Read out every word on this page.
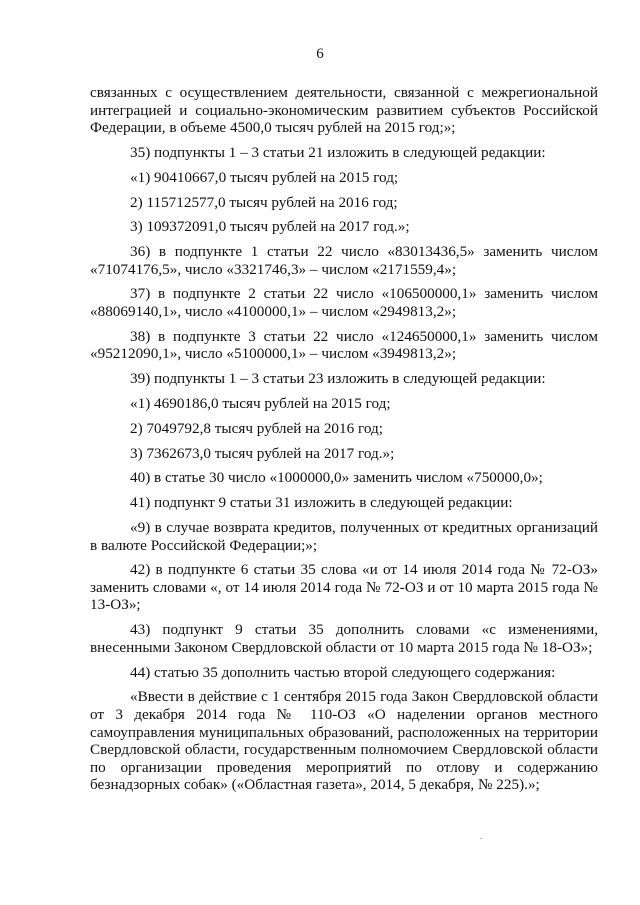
6

связанных с осуществлением деятельности, связанной с межрегиональной интеграцией и социально-экономическим развитием субъектов Российской Федерации, в объеме 4500,0 тысяч рублей на 2015 год;»;

35) подпункты 1 – 3 статьи 21 изложить в следующей редакции:

«1) 90410667,0 тысяч рублей на 2015 год;

2) 115712577,0 тысяч рублей на 2016 год;

3) 109372091,0 тысяч рублей на 2017 год.»;

36) в подпункте 1 статьи 22 число «83013436,5» заменить числом «71074176,5», число «3321746,3» – числом «2171559,4»;

37) в подпункте 2 статьи 22 число «106500000,1» заменить числом «88069140,1», число «4100000,1» – числом «2949813,2»;

38) в подпункте 3 статьи 22 число «124650000,1» заменить числом «95212090,1», число «5100000,1» – числом «3949813,2»;

39) подпункты 1 – 3 статьи 23 изложить в следующей редакции:

«1) 4690186,0 тысяч рублей на 2015 год;

2) 7049792,8 тысяч рублей на 2016 год;

3) 7362673,0 тысяч рублей на 2017 год.»;

40) в статье 30 число «1000000,0» заменить числом «750000,0»;

41) подпункт 9 статьи 31 изложить в следующей редакции:

«9) в случае возврата кредитов, полученных от кредитных организаций в валюте Российской Федерации;»;

42) в подпункте 6 статьи 35 слова «и от 14 июля 2014 года № 72-ОЗ» заменить словами «, от 14 июля 2014 года № 72-ОЗ и от 10 марта 2015 года № 13-ОЗ»;

43) подпункт 9 статьи 35 дополнить словами «с изменениями, внесенными Законом Свердловской области от 10 марта 2015 года № 18-ОЗ»;

44) статью 35 дополнить частью второй следующего содержания:

«Ввести в действие с 1 сентября 2015 года Закон Свердловской области от 3 декабря 2014 года № 110-ОЗ «О наделении органов местного самоуправления муниципальных образований, расположенных на территории Свердловской области, государственным полномочием Свердловской области по организации проведения мероприятий по отлову и содержанию безнадзорных собак» («Областная газета», 2014, 5 декабря, № 225).»;
